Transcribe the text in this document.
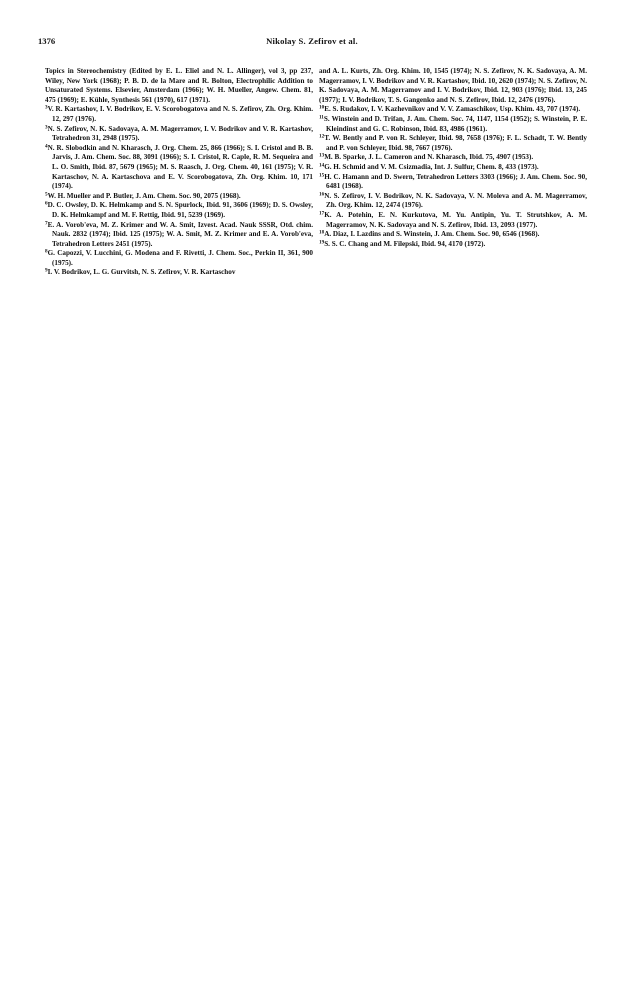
1376	Nikolay S. Zefirov et al.

Topics in Stereochemistry (Edited by E. L. Eliel and N. L. Allinger), vol 3, pp 237, Wiley, New York (1968); P. B. D. de la Mare and R. Bolton, Electrophilic Addition to Unsaturated Systems. Elsevier, Amsterdam (1966); W. H. Mueller, Angew. Chem. 81, 475 (1969); E. Kühle, Synthesis 561 (1970), 617 (1971).

$^3$V. R. Kartashov, I. V. Bodrikov, E. V. Scorobogatova and N. S. Zefirov, Zh. Org. Khim. 12, 297 (1976).

$^3$N. S. Zefirov, N. K. Sadovaya, A. M. Magerramov, I. V. Bodrikov and V. R. Kartashov, Tetrahedron 31, 2948 (1975).

$^4$N. R. Slobodkin and N. Kharasch, J. Org. Chem. 25, 866 (1966); S. I. Cristol and B. B. Jarvis, J. Am. Chem. Soc. 88, 3091 (1966); S. I. Cristol, R. Caple, R. M. Sequeira and L. O. Smith, Ibid. 87, 5679 (1965); M. S. Raasch, J. Org. Chem. 40, 161 (1975); V. R. Kartaschov, N. A. Kartaschova and E. V. Scorobogatova, Zh. Org. Khim. 10, 171 (1974).

$^5$W. H. Mueller and P. Butler, J. Am. Chem. Soc. 90, 2075 (1968).

$^6$D. C. Owsley, D. K. Helmkamp and S. N. Spurlock, Ibid. 91, 3606 (1969); D. S. Owsley, D. K. Helmkampf and M. F. Rettig, Ibid. 91, 5239 (1969).

$^7$E. A. Vorob'eva, M. Z. Krimer and W. A. Smit, Izvest. Acad. Nauk SSSR, Otd. chim. Nauk. 2832 (1974); Ibid. 125 (1975); W. A. Smit, M. Z. Krimer and E. A. Vorob'eva, Tetrahedron Letters 2451 (1975).

$^8$G. Capozzi, V. Lucchini, G. Modena and F. Rivetti, J. Chem. Soc., Perkin II, 361, 900 (1975).

$^9$I. V. Bodrikov, L. G. Gurvitsh, N. S. Zefirov, V. R. Kartaschov

and A. L. Kurts, Zh. Org. Khim. 10, 1545 (1974); N. S. Zefirov, N. K. Sadovaya, A. M. Magerramov, I. V. Bodrikov and V. R. Kartashov, Ibid. 10, 2620 (1974); N. S. Zefirov, N. K. Sadovaya, A. M. Magerramov and I. V. Bodrikov, Ibid. 12, 903 (1976); Ibid. 13, 245 (1977); I. V. Bodrikov, T. S. Gangenko and N. S. Zefirov, Ibid. 12, 2476 (1976).

$^{10}$E. S. Rudakov, I. V. Kazhevnikov and V. V. Zamaschikov, Usp. Khim. 43, 707 (1974).

$^{11}$S. Winstein and D. Trifan, J. Am. Chem. Soc. 74, 1147, 1154 (1952); S. Winstein, P. E. Kleindinst and G. C. Robinson, Ibid. 83, 4986 (1961).

$^{12}$T. W. Bently and P. von R. Schleyer, Ibid. 98, 7658 (1976); F. L. Schadt, T. W. Bently and P. von Schleyer, Ibid. 98, 7667 (1976).

$^{13}$M. B. Sparke, J. L. Cameron and N. Kharasch, Ibid. 75, 4907 (1953).

$^{14}$G. H. Schmid and V. M. Csizmadia, Int. J. Sulfur, Chem. 8, 433 (1973).

$^{15}$H. C. Hamann and D. Swern, Tetrahedron Letters 3303 (1966); J. Am. Chem. Soc. 90, 6481 (1968).

$^{16}$N. S. Zefirov, I. V. Bodrikov, N. K. Sadovaya, V. N. Moleva and A. M. Magerramov, Zh. Org. Khim. 12, 2474 (1976).

$^{17}$K. A. Potehin, E. N. Kurkutova, M. Yu. Antipin, Yu. T. Strutshkov, A. M. Magerramov, N. K. Sadovaya and N. S. Zefirov, Ibid. 13, 2093 (1977).

$^{18}$A. Diaz, I. Lazdins and S. Winstein, J. Am. Chem. Soc. 90, 6546 (1968).

$^{19}$S. S. C. Chang and M. Filepski, Ibid. 94, 4170 (1972).
